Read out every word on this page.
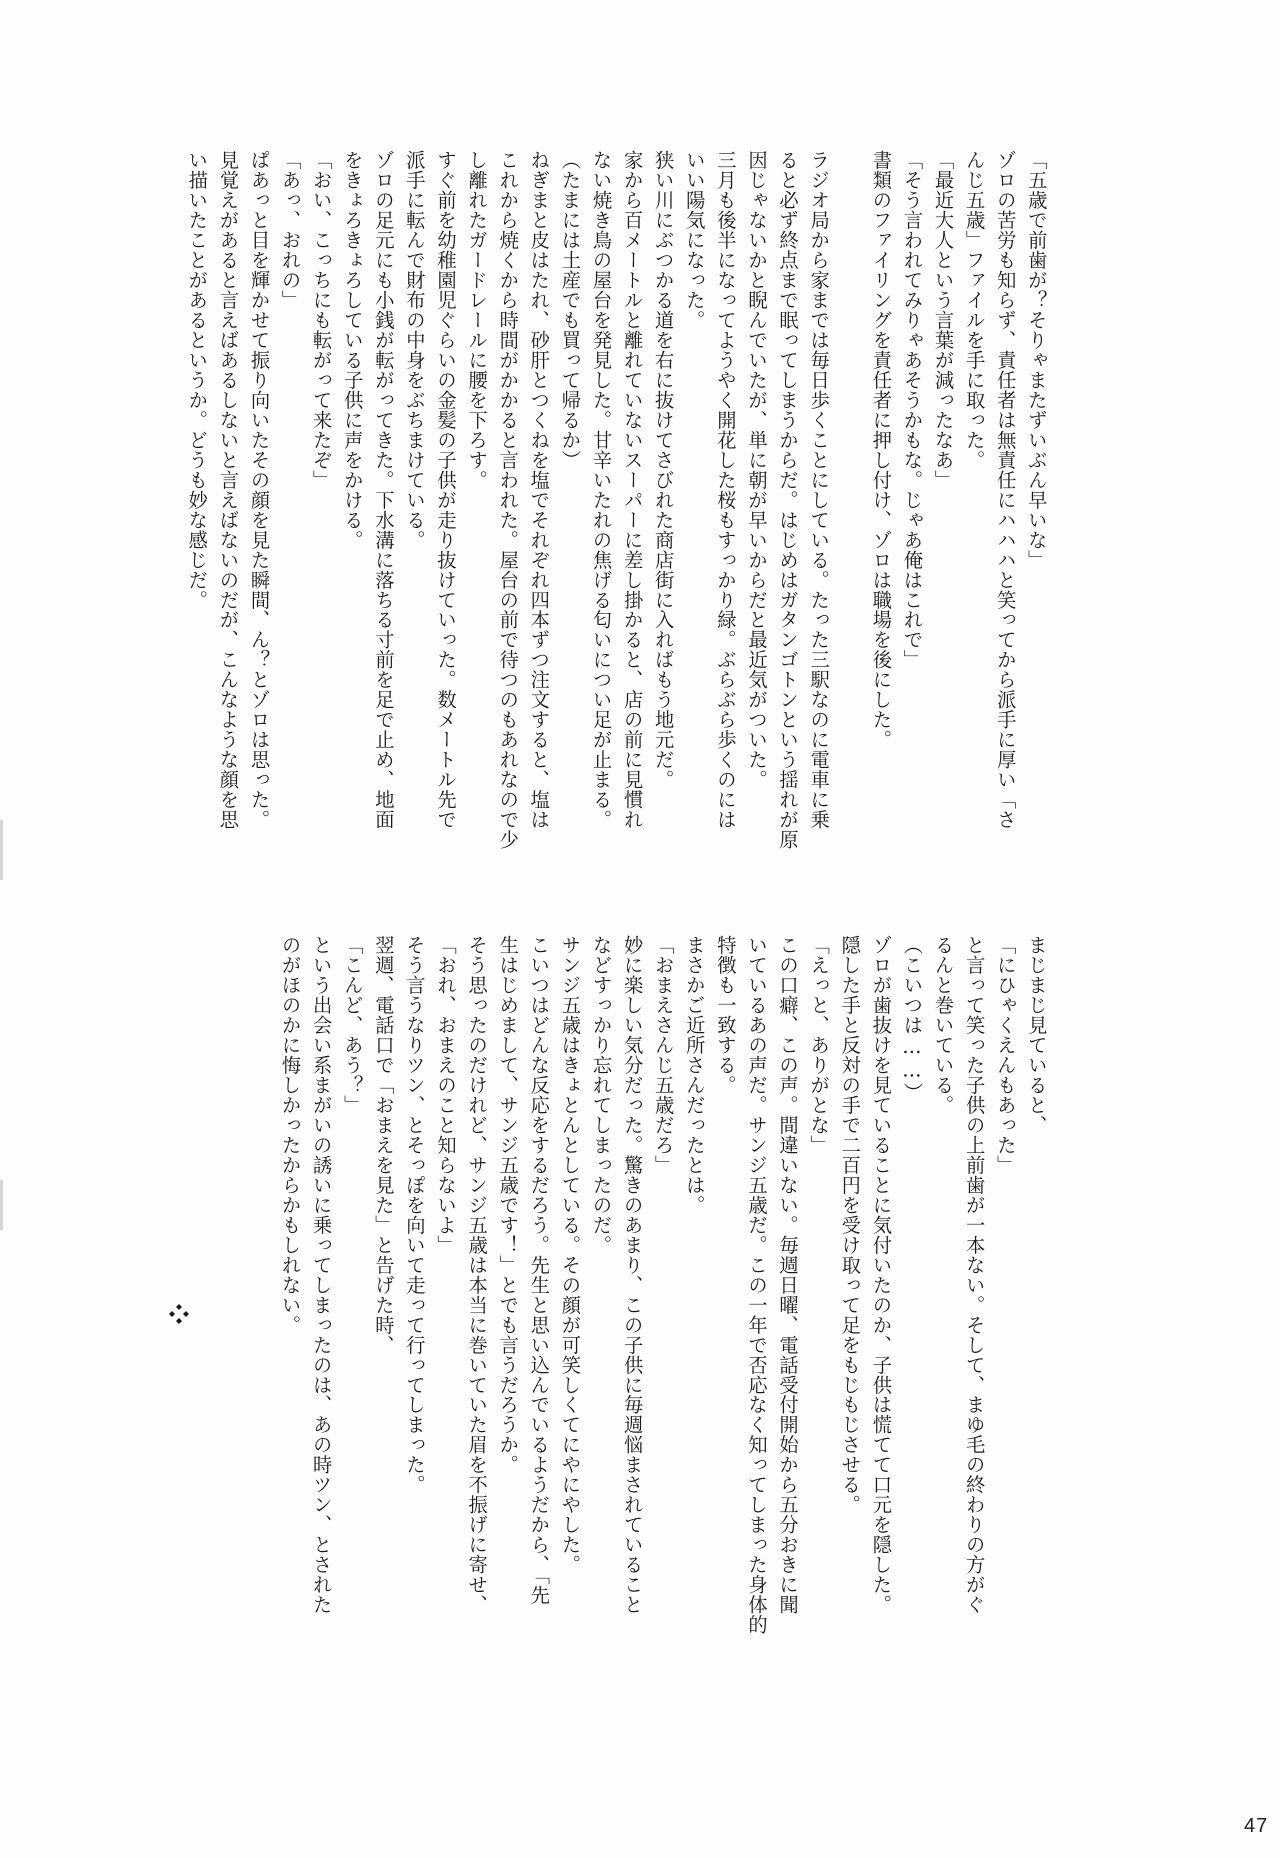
「五歳で前歯が？そりゃまたずいぶん早いな」
ゾロの苦労も知らず、責任者は無責任にハハハと笑ってから派手に厚い「さ
んじ五歳」ファイルを手に取った。
「最近大人という言葉が減ったなあ」
「そう言われてみりゃあそうかもな。じゃあ俺はこれで」
書類のファイリングを責任者に押し付け、ゾロは職場を後にした。

ラジオ局から家までは毎日歩くことにしている。たった三駅なのに電車に乗
ると必ず終点まで眠ってしまうからだ。はじめはガタンゴトンという揺れが原
因じゃないかと睨んでいたが、単に朝が早いからだと最近気がついた。
三月も後半になってようやく開花した桜もすっかり緑。ぶらぶら歩くのには
いい陽気になった。
狭い川にぶつかる道を右に抜けてさびれた商店街に入ればもう地元だ。
家から百メートルと離れていないスーパーに差し掛かると、店の前に見慣れ
ない焼き鳥の屋台を発見した。甘辛いたれの焦げる匂いについ足が止まる。
（たまには土産でも買って帰るか）
ねぎまと皮はたれ、砂肝とつくねを塩でそれぞれ四本ずつ注文すると、塩は
これから焼くから時間がかかると言われた。屋台の前で待つのもあれなので少
し離れたガードレールに腰を下ろす。
すぐ前を幼稚園児ぐらいの金髪の子供が走り抜けていった。数メートル先で
派手に転んで財布の中身をぶちまけている。
ゾロの足元にも小銭が転がってきた。下水溝に落ちる寸前を足で止め、地面
をきょろきょろしている子供に声をかける。
「おい、こっちにも転がって来たぞ」
「あっ、おれの」
ぱあっと目を輝かせて振り向いたその顔を見た瞬間、ん？とゾロは思った。
見覚えがあると言えばあるしないと言えばないのだが、こんなような顔を思
い描いたことがあるというか。どうも妙な感じだ。

まじまじ見ていると、
「にひゃくえんもあった」
と言って笑った子供の上前歯が一本ない。そして、まゆ毛の終わりの方がぐ
るんと巻いている。
（こいつは……）
ゾロが歯抜けを見ていることに気付いたのか、子供は慌てて口元を隠した。
隠した手と反対の手で二百円を受け取って足をもじもじさせる。
「えっと、ありがとな」
この口癖、この声。間違いない。毎週日曜、電話受付開始から五分おきに聞
いているあの声だ。サンジ五歳だ。この一年で否応なく知ってしまった身体的
特徴も一致する。
まさかご近所さんだったとは。
「おまえさんじ五歳だろ」
妙に楽しい気分だった。驚きのあまり、この子供に毎週悩まされていること
などすっかり忘れてしまったのだ。
サンジ五歳はきょとんとしている。その顔が可笑しくてにやにやした。
こいつはどんな反応をするだろう。先生と思い込んでいるようだから、「先
生はじめまして、サンジ五歳です！」とでも言うだろうか。
そう思ったのだけれど、サンジ五歳は本当に巻いていた眉を不振げに寄せ、
「おれ、おまえのこと知らないよ」
そう言うなりツン、とそっぽを向いて走って行ってしまった。
翌週、電話口で「おまえを見た」と告げた時、
「こんど、あう？」
という出会い系まがいの誘いに乗ってしまったのは、あの時ツン、とされた
のがほのかに悔しかったからかもしれない。

47
